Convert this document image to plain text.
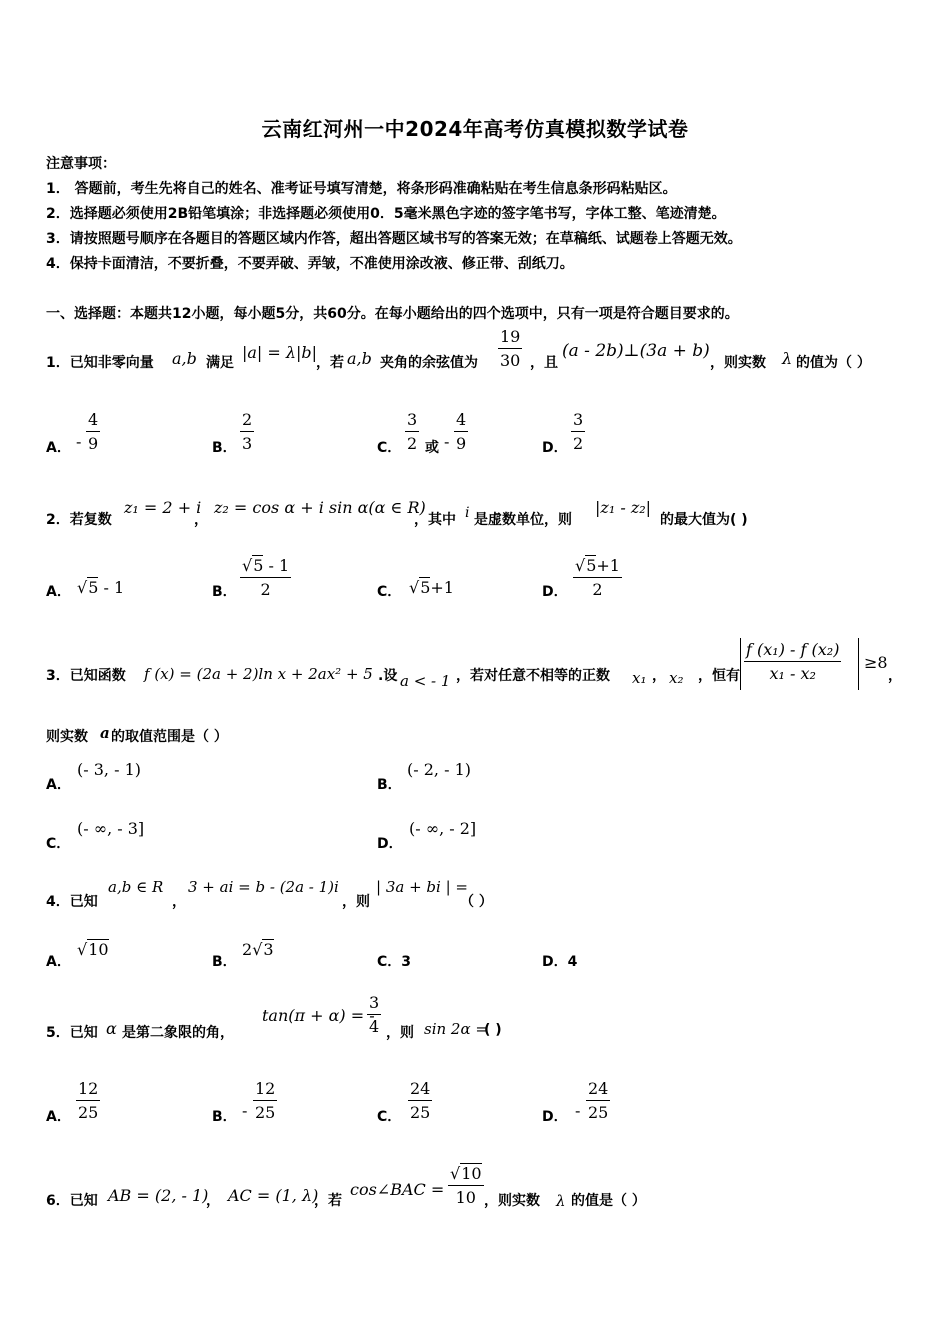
云南红河州一中2024年高考仿真模拟数学试卷
注意事项：
1． 答题前，考生先将自己的姓名、准考证号填写清楚，将条形码准确粘贴在考生信息条形码粘贴区。
2．选择题必须使用2B铅笔填涂；非选择题必须使用0．5毫米黑色字迹的签字笔书写，字体工整、笔迹清楚。
3．请按照题号顺序在各题目的答题区域内作答，超出答题区域书写的答案无效；在草稿纸、试题卷上答题无效。
4．保持卡面清洁，不要折叠，不要弄破、弄皱，不准使用涂改液、修正带、刮纸刀。
一、选择题：本题共12小题，每小题5分，共60分。在每小题给出的四个选项中，只有一项是符合题目要求的。
1．已知非零向量 a,b 满足
|a| = λ|b|
，若 a,b 夹角的余弦值为 $\frac{19}{30}$ ，且
(a - 2b)⊥(3a + b)
，则实数 λ 的值为（ ）
A． - $\frac{4}{9}$	B． $\frac{2}{3}$	C． $\frac{3}{2}$ 或 - $\frac{4}{9}$	D． $\frac{3}{2}$
2．若复数
z₁ = 2 + i
，
z₂ = cos α + i sin α(α ∈ R)
，其中 i 是虚数单位，则
|z₁ - z₂|
的最大值为( )
A． √5 - 1	B． $\frac{√5 - 1}{2}$	C． √5+1	D． $\frac{√5+1}{2}$
3．已知函数 f (x) = (2a + 2)ln x + 2ax² + 5 .设 a < - 1 ，若对任意不相等的正数 x₁ ， x₂ ，恒有 $\frac{\text{f (x₁) - f (x₂)}}{\text{x₁ - x₂}} \ge 8$
，
则实数 a 的取值范围是（ ）
A．
(- 3, - 1)
B．
(- 2, - 1)
C．
(- ∞, - 3]
D．
(- ∞, - 2]
4．已知
a,b ∈ R
，
3 + ai = b - (2a - 1)i
，则
| 3a + bi | =
（ ）
A．
√10
B．
2√3
C．3	D．4
5．已知 α 是第二象限的角，
tan(π + α) = -
$\frac{3}{4}$ ，则 sin 2α =
( )
A． $\frac{12}{25}$	B． - $\frac{12}{25}$	C． $\frac{24}{25}$	D． - $\frac{24}{25}$
6．已知 AB = (2, - 1)
， AC = (1, λ)
，若
cos∠BAC = $\frac{√10}{10}$ ，则实数 λ 的值是（ ）
